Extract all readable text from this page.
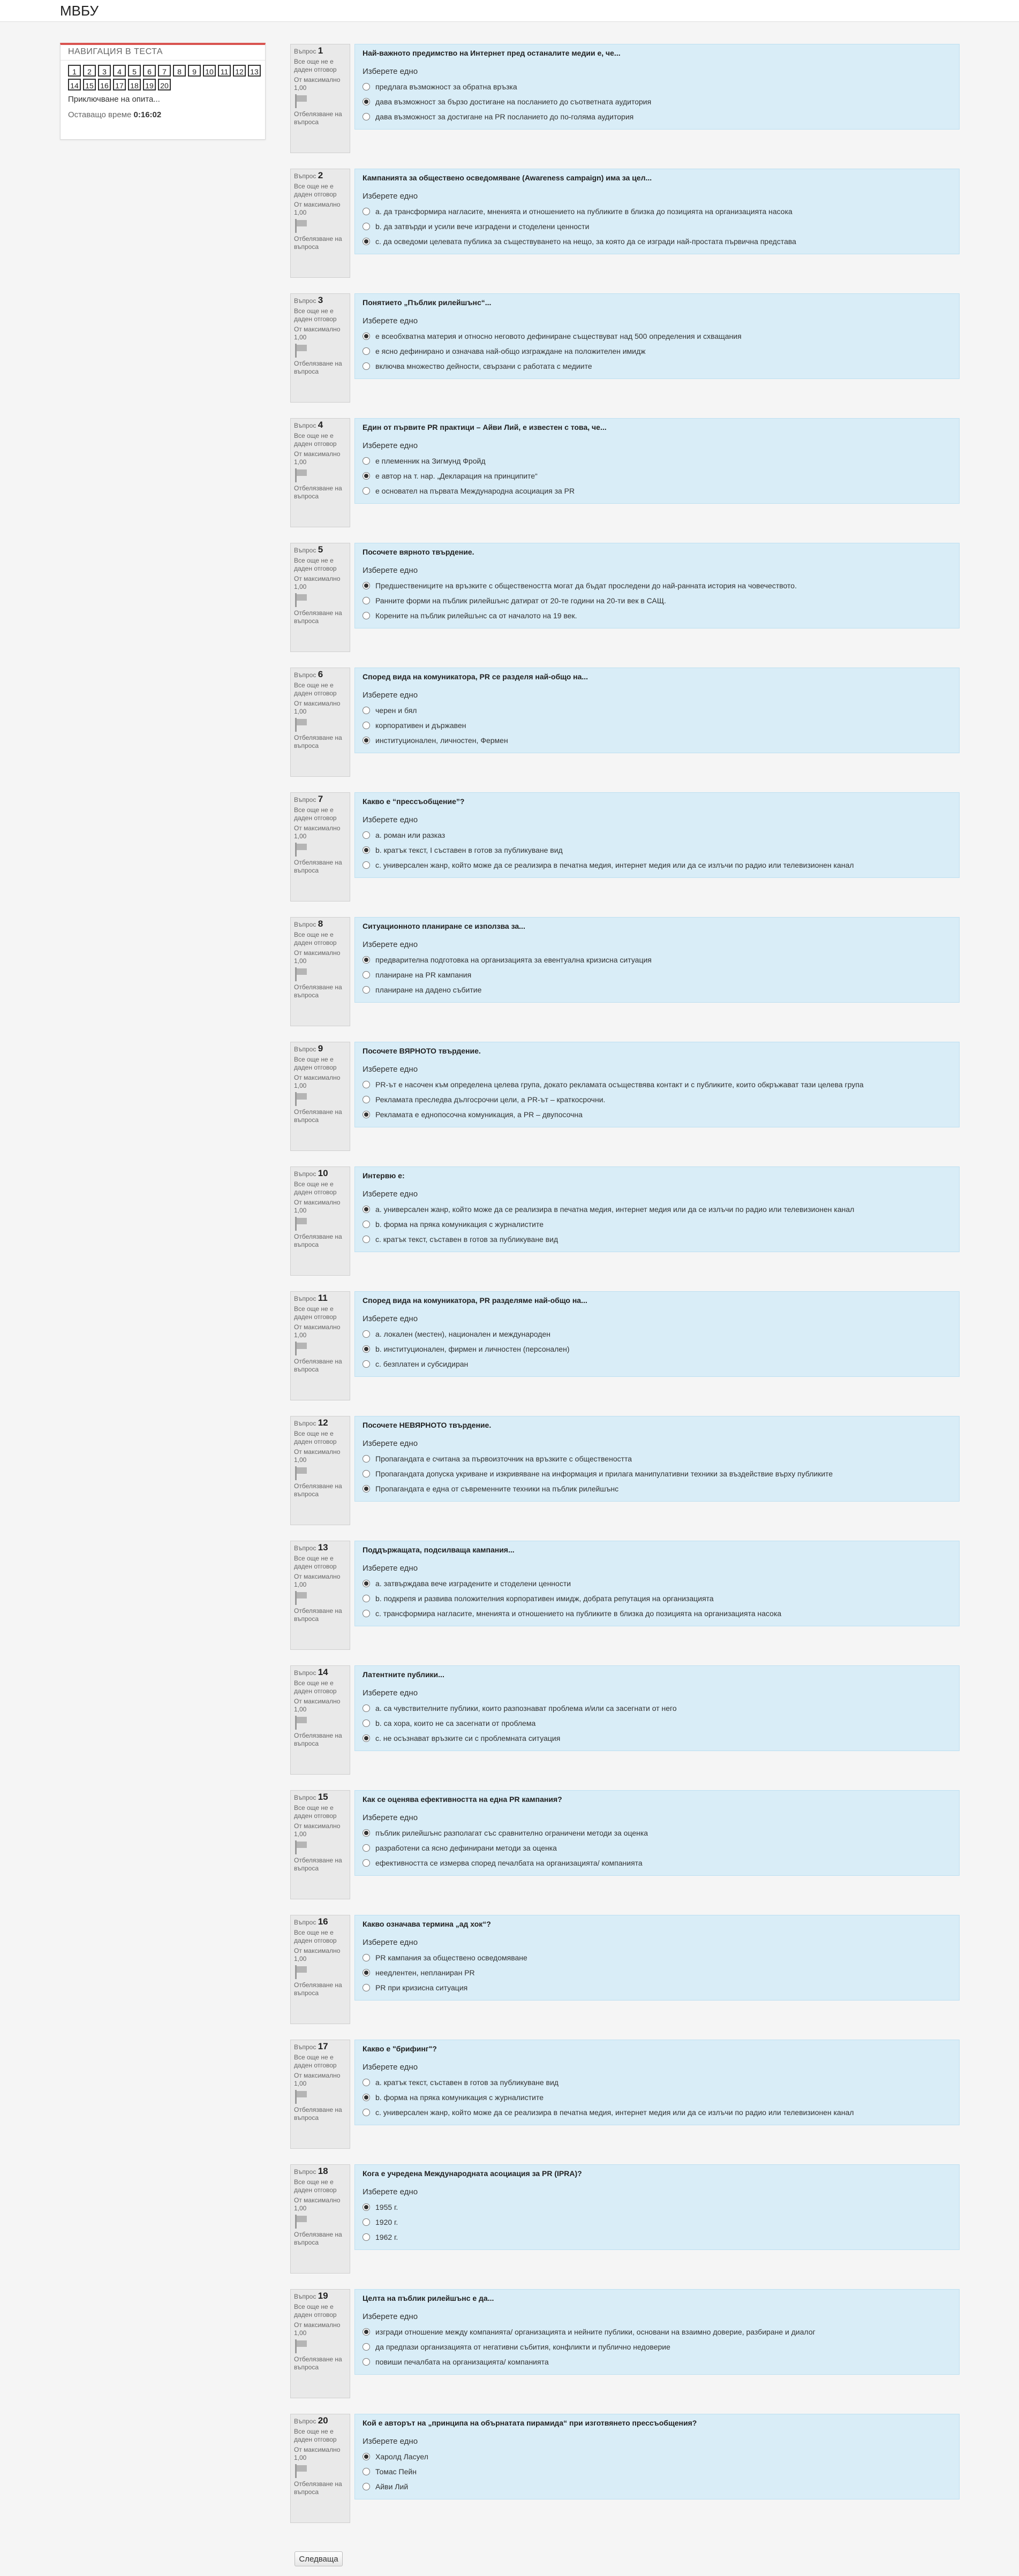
МВБУ
НАВИГАЦИЯ В ТЕСТА
1	2	3	4	5	6	7	8	9	10 11 12 13
14 15 16 17 18 19 20
Приключване на опита...
Оставащо време 0:16:02
Въпрос 1
Все още не е даден отговор
От максимално 1,00
Отбелязване на въпроса
Най-важното предимство на Интернет пред останалите медии е, че...
Изберете едно
предлага възможност за обратна връзка
дава възможност за бързо достигане на посланието до съответната аудитория
дава възможност за достигане на PR посланието до по-голяма аудитория
Въпрос 2
Все още не е даден отговор
От максимално 1,00
Отбелязване на въпроса
Кампанията за обществено осведомяване (Awareness campaign) има за цел...
Изберете едно
a. да трансформира нагласите, мненията и отношението на публиките в близка до позицията на организацията насока
b. да затвърди и усили вече изградени и стоделени ценности
c. да осведоми целевата публика за съществуването на нещо, за която да се изгради най-простата първична представа
Въпрос 3
Все още не е даден отговор
От максимално 1,00
Отбелязване на въпроса
Понятието „Пъблик рилейшънс“...
Изберете едно
е всеобхватна материя и относно неговото дефиниране съществуват над 500 определения и схващания
е ясно дефинирано и означава най-общо изграждане на положителен имидж
включва множество дейности, свързани с работата с медиите
Въпрос 4
Все още не е даден отговор
От максимално 1,00
Отбелязване на въпроса
Един от първите PR практици – Айви Лий, е известен с това, че...
Изберете едно
е племенник на Зигмунд Фройд
е автор на т. нар. „Декларация на принципите“
е основател на първата Международна асоциация за PR
Въпрос 5
Все още не е даден отговор
От максимално 1,00
Отбелязване на въпроса
Посочете вярното твърдение.
Изберете едно
Предшествениците на връзките с обществеността могат да бъдат проследени до най-ранната история на човечеството.
Ранните форми на пъблик рилейшънс датират от 20-те години на 20-ти век в САЩ.
Корените на пъблик рилейшънс са от началото на 19 век.
Въпрос 6
Все още не е даден отговор
От максимално 1,00
Отбелязване на въпроса
Според вида на комуникатора, PR се разделя най-общо на...
Изберете едно
черен и бял
корпоративен и държавен
институционален, личностен, Фермен
Въпрос 7
Все още не е даден отговор
От максимално 1,00
Отбелязване на въпроса
Какво е “прессъобщение”?
Изберете едно
a. роман или разказ
b. кратък текст, I съставен в готов за публикуване вид
c. универсален жанр, който може да се реализира в печатна медия, интернет медия или да се излъчи по радио или телевизионен канал
Въпрос 8
Все още не е даден отговор
От максимално 1,00
Отбелязване на въпроса
Ситуационното планиране се използва за...
Изберете едно
предварителна подготовка на организацията за евентуална кризисна ситуация
планиране на PR кампания
планиране на дадено събитие
Въпрос 9
Все още не е даден отговор
От максимално 1,00
Отбелязване на въпроса
Посочете ВЯРНОТО твърдение.
Изберете едно
PR-ът е насочен към определена целева група, докато рекламата осъществява контакт и с публиките, които обкръжават тази целева група
Рекламата преследва дългосрочни цели, а PR-ът – краткосрочни.
Рекламата е еднопосочна комуникация, а PR – двупосочна
Въпрос 10
Все още не е даден отговор
От максимално 1,00
Отбелязване на въпроса
Интервю е:
Изберете едно
a. универсален жанр, който може да се реализира в печатна медия, интернет медия или да се излъчи по радио или телевизионен канал
b. форма на пряка комуникация с журналистите
c. кратък текст, съставен в готов за публикуване вид
Въпрос 11
Все още не е даден отговор
От максимално 1,00
Отбелязване на въпроса
Според вида на комуникатора, PR разделяме най-общо на...
Изберете едно
a. локален (местен), национален и международен
b. институционален, фирмен и личностен (персонален)
c. безплатен и субсидиран
Въпрос 12
Все още не е даден отговор
От максимално 1,00
Отбелязване на въпроса
Посочете НЕВЯРНОТО твърдение.
Изберете едно
Пропагандата е считана за първоизточник на връзките с обществеността
Пропагандата допуска укриване и изкривяване на информация и прилага манипулативни техники за въздействие върху публиките
Пропагандата е една от съвременните техники на пъблик рилейшънс
Въпрос 13
Все още не е даден отговор
От максимално 1,00
Отбелязване на въпроса
Поддържащата, подсилваща кампания...
Изберете едно
a. затвърждава вече изградените и стоделени ценности
b. подкрепя и развива положителния корпоративен имидж, добрата репутация на организацията
c. трансформира нагласите, мненията и отношението на публиките в близка до позицията на организацията насока
Въпрос 14
Все още не е даден отговор
От максимално 1,00
Отбелязване на въпроса
Латентните публики...
Изберете едно
a. са чувствителните публики, които разпознават проблема и/или са засегнати от него
b. са хора, които не са засегнати от проблема
c. не осъзнават връзките си с проблемната ситуация
Въпрос 15
Все още не е даден отговор
От максимално 1,00
Отбелязване на въпроса
Как се оценява ефективността на една PR кампания?
Изберете едно
пъблик рилейшънс разполагат със сравнително ограничени методи за оценка
разработени са ясно дефинирани методи за оценка
ефективността се измерва според печалбата на организацията/ компанията
Въпрос 16
Все още не е даден отговор
От максимално 1,00
Отбелязване на въпроса
Какво означава термина „ад хок“?
Изберете едно
PR кампания за обществено осведомяване
неедлентен, непланиран PR
PR при кризисна ситуация
Въпрос 17
Все още не е даден отговор
От максимално 1,00
Отбелязване на въпроса
Какво е "брифинг"?
Изберете едно
a. кратък текст, съставен в готов за публикуване вид
b. форма на пряка комуникация с журналистите
c. универсален жанр, който може да се реализира в печатна медия, интернет медия или да се излъчи по радио или телевизионен канал
Въпрос 18
Все още не е даден отговор
От максимално 1,00
Отбелязване на въпроса
Кога е учредена Международната асоциация за PR (IPRA)?
Изберете едно
1955 г.
1920 г.
1962 г.
Въпрос 19
Все още не е даден отговор
От максимално 1,00
Отбелязване на въпроса
Целта на пъблик рилейшънс е да...
Изберете едно
изгради отношение между компанията/ организацията и нейните публики, основани на взаимно доверие, разбиране и диалог
да предпази организацията от негативни събития, конфликти и публично недоверие
повиши печалбата на организацията/ компанията
Въпрос 20
Все още не е даден отговор
От максимално 1,00
Отбелязване на въпроса
Кой е авторът на „принципа на обърнатата пирамида“ при изготвянето прессъобщения?
Изберете едно
Харолд Ласуел
Томас Пейн
Айви Лий
Следваща
